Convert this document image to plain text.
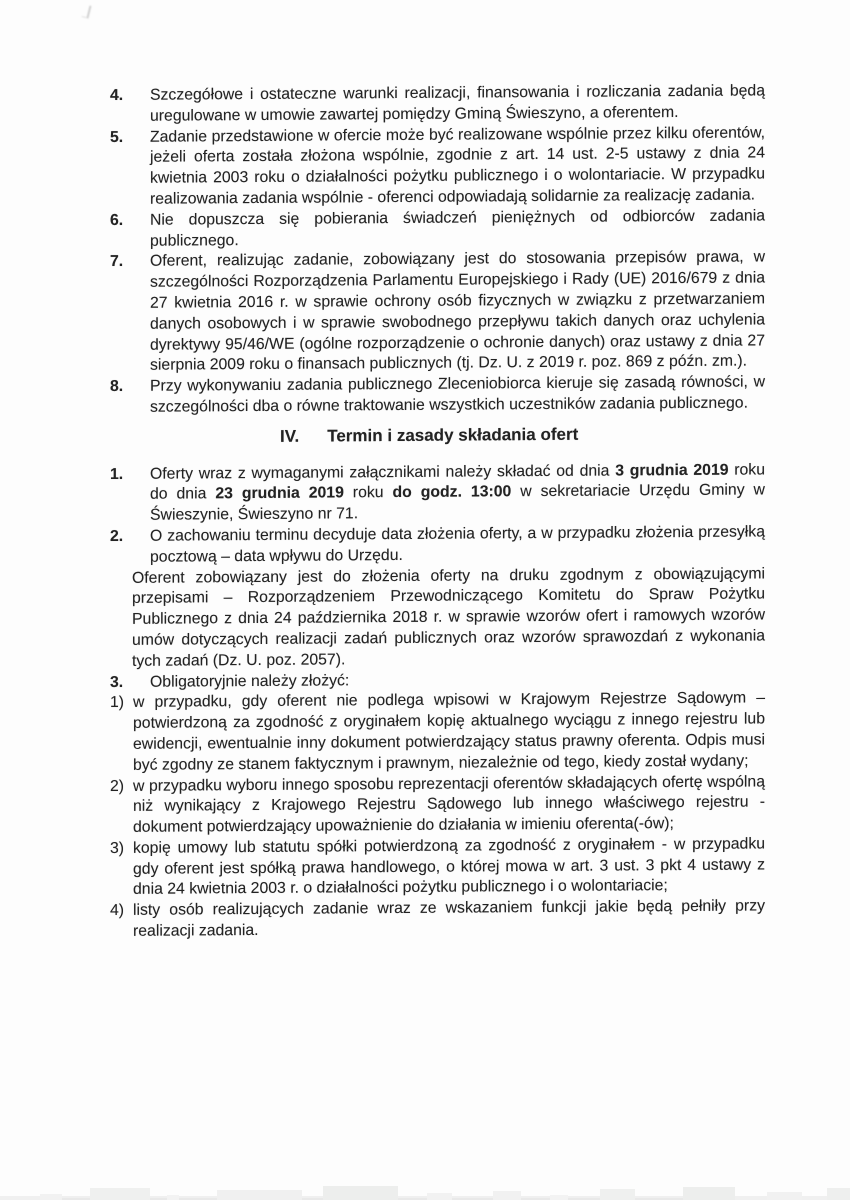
4.	Szczegółowe i ostateczne warunki realizacji, finansowania i rozliczania zadania będą uregulowane w umowie zawartej pomiędzy Gminą Świeszyno, a oferentem.
5.	Zadanie przedstawione w ofercie może być realizowane wspólnie przez kilku oferentów, jeżeli oferta została złożona wspólnie, zgodnie z art. 14 ust. 2-5 ustawy z dnia 24 kwietnia 2003 roku o działalności pożytku publicznego i o wolontariacie. W przypadku realizowania zadania wspólnie - oferenci odpowiadają solidarnie za realizację zadania.
6.	Nie dopuszcza się pobierania świadczeń pieniężnych od odbiorców zadania publicznego.
7.	Oferent, realizując zadanie, zobowiązany jest do stosowania przepisów prawa, w szczególności Rozporządzenia Parlamentu Europejskiego i Rady (UE) 2016/679 z dnia 27 kwietnia 2016 r. w sprawie ochrony osób fizycznych w związku z przetwarzaniem danych osobowych i w sprawie swobodnego przepływu takich danych oraz uchylenia dyrektywy 95/46/WE (ogólne rozporządzenie o ochronie danych) oraz ustawy z dnia 27 sierpnia 2009 roku o finansach publicznych (tj. Dz. U. z 2019 r. poz. 869 z późn. zm.).
8.	Przy wykonywaniu zadania publicznego Zleceniobiorca kieruje się zasadą równości, w szczególności dba o równe traktowanie wszystkich uczestników zadania publicznego.
IV. Termin i zasady składania ofert
1.	Oferty wraz z wymaganymi załącznikami należy składać od dnia 3 grudnia 2019 roku do dnia 23 grudnia 2019 roku do godz. 13:00 w sekretariacie Urzędu Gminy w Świeszynie, Świeszyno nr 71.
2.	O zachowaniu terminu decyduje data złożenia oferty, a w przypadku złożenia przesyłką pocztową – data wpływu do Urzędu.
Oferent zobowiązany jest do złożenia oferty na druku zgodnym z obowiązującymi przepisami – Rozporządzeniem Przewodniczącego Komitetu do Spraw Pożytku Publicznego z dnia 24 października 2018 r. w sprawie wzorów ofert i ramowych wzorów umów dotyczących realizacji zadań publicznych oraz wzorów sprawozdań z wykonania tych zadań (Dz. U. poz. 2057).
3.	Obligatoryjnie należy złożyć:
1) w przypadku, gdy oferent nie podlega wpisowi w Krajowym Rejestrze Sądowym – potwierdzoną za zgodność z oryginałem kopię aktualnego wyciągu z innego rejestru lub ewidencji, ewentualnie inny dokument potwierdzający status prawny oferenta. Odpis musi być zgodny ze stanem faktycznym i prawnym, niezależnie od tego, kiedy został wydany;
2) w przypadku wyboru innego sposobu reprezentacji oferentów składających ofertę wspólną niż wynikający z Krajowego Rejestru Sądowego lub innego właściwego rejestru - dokument potwierdzający upoważnienie do działania w imieniu oferenta(-ów);
3) kopię umowy lub statutu spółki potwierdzoną za zgodność z oryginałem - w przypadku gdy oferent jest spółką prawa handlowego, o której mowa w art. 3 ust. 3 pkt 4 ustawy z dnia 24 kwietnia 2003 r. o działalności pożytku publicznego i o wolontariacie;
4) listy osób realizujących zadanie wraz ze wskazaniem funkcji jakie będą pełniły przy realizacji zadania.
